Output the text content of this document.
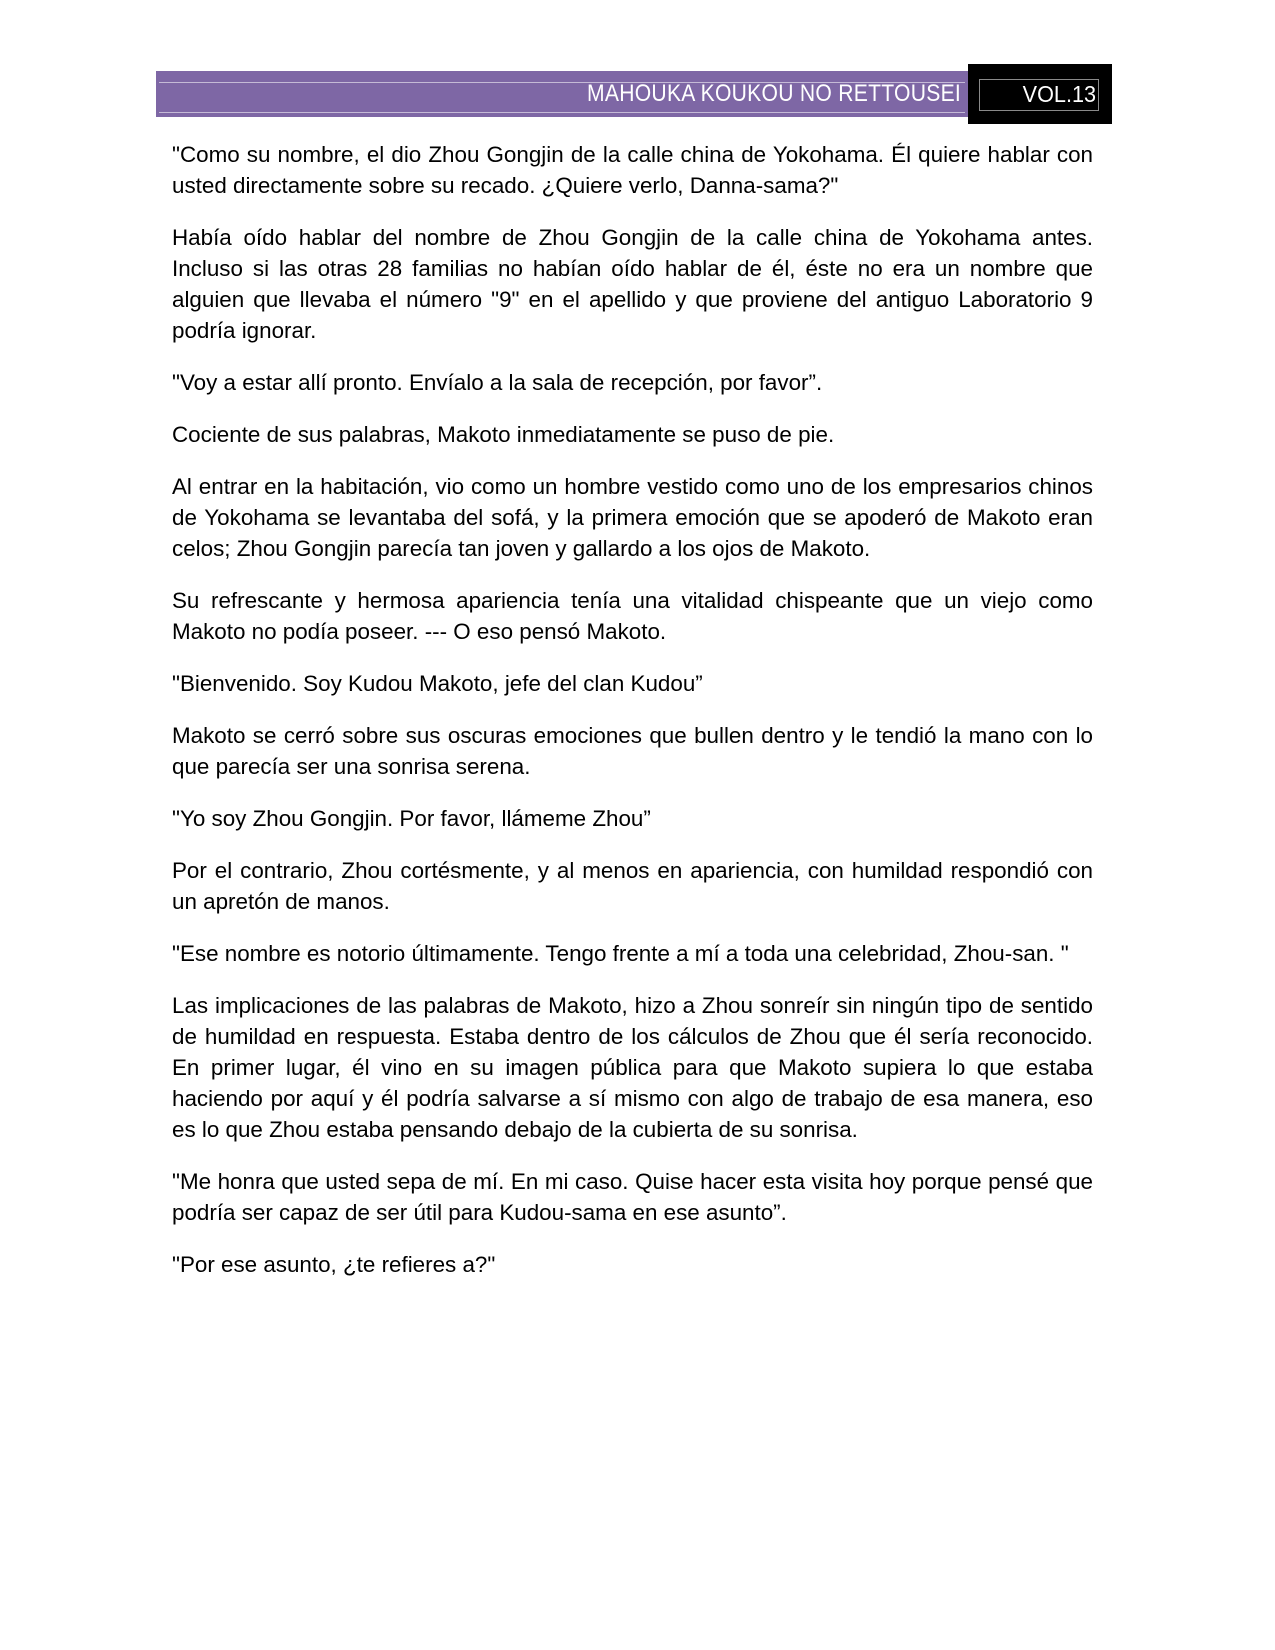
MAHOUKA KOUKOU NO RETTOUSEI	VOL.13

"Como su nombre, el dio Zhou Gongjin de la calle china de Yokohama. Él quiere hablar con usted directamente sobre su recado. ¿Quiere verlo, Danna-sama?"

Había oído hablar del nombre de Zhou Gongjin de la calle china de Yokohama antes. Incluso si las otras 28 familias no habían oído hablar de él, éste no era un nombre que alguien que llevaba el número "9" en el apellido y que proviene del antiguo Laboratorio 9 podría ignorar.

"Voy a estar allí pronto. Envíalo a la sala de recepción, por favor”.

Cociente de sus palabras, Makoto inmediatamente se puso de pie.

Al entrar en la habitación, vio como un hombre vestido como uno de los empresarios chinos de Yokohama se levantaba del sofá, y la primera emoción que se apoderó de Makoto eran celos; Zhou Gongjin parecía tan joven y gallardo a los ojos de Makoto.

Su refrescante y hermosa apariencia tenía una vitalidad chispeante que un viejo como Makoto no podía poseer. --- O eso pensó Makoto.

"Bienvenido. Soy Kudou Makoto, jefe del clan Kudou”

Makoto se cerró sobre sus oscuras emociones que bullen dentro y le tendió la mano con lo que parecía ser una sonrisa serena.

"Yo soy Zhou Gongjin. Por favor, llámeme Zhou”

Por el contrario, Zhou cortésmente, y al menos en apariencia, con humildad respondió con un apretón de manos.

"Ese nombre es notorio últimamente. Tengo frente a mí a toda una celebridad, Zhou-san. "

Las implicaciones de las palabras de Makoto, hizo a Zhou sonreír sin ningún tipo de sentido de humildad en respuesta. Estaba dentro de los cálculos de Zhou que él sería reconocido. En primer lugar, él vino en su imagen pública para que Makoto supiera lo que estaba haciendo por aquí y él podría salvarse a sí mismo con algo de trabajo de esa manera, eso es lo que Zhou estaba pensando debajo de la cubierta de su sonrisa.

"Me honra que usted sepa de mí. En mi caso. Quise hacer esta visita hoy porque pensé que podría ser capaz de ser útil para Kudou-sama en ese asunto”.

"Por ese asunto, ¿te refieres a?"
